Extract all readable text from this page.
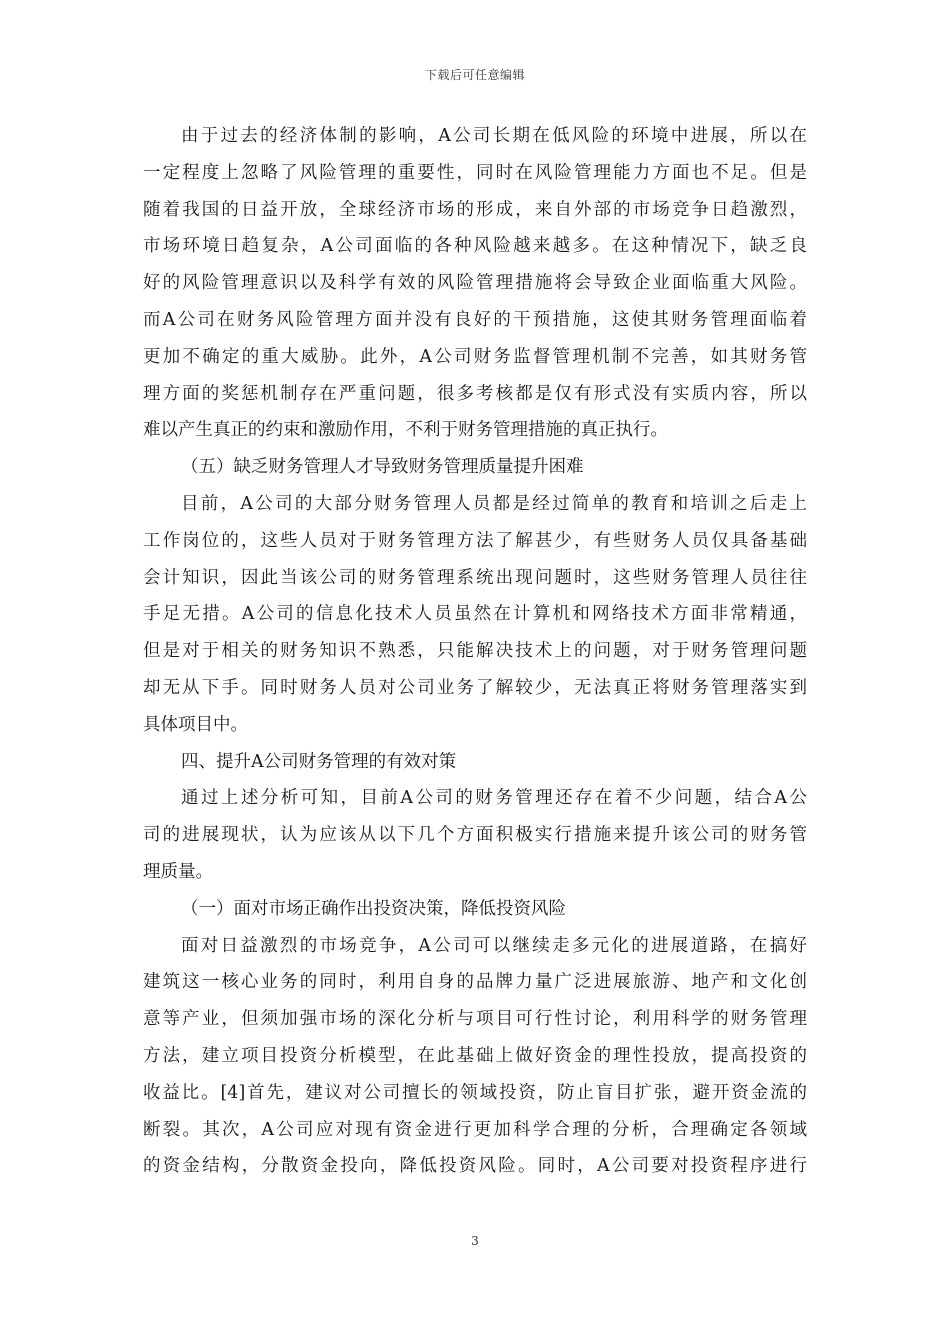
下载后可任意编辑
由于过去的经济体制的影响，A公司长期在低风险的环境中进展，所以在
一定程度上忽略了风险管理的重要性，同时在风险管理能力方面也不足。但是
随着我国的日益开放，全球经济市场的形成，来自外部的市场竞争日趋激烈，
市场环境日趋复杂，A公司面临的各种风险越来越多。在这种情况下，缺乏良
好的风险管理意识以及科学有效的风险管理措施将会导致企业面临重大风险。
而A公司在财务风险管理方面并没有良好的干预措施，这使其财务管理面临着
更加不确定的重大威胁。此外，A公司财务监督管理机制不完善，如其财务管
理方面的奖惩机制存在严重问题，很多考核都是仅有形式没有实质内容，所以
难以产生真正的约束和激励作用，不利于财务管理措施的真正执行。
（五）缺乏财务管理人才导致财务管理质量提升困难
目前，A公司的大部分财务管理人员都是经过简单的教育和培训之后走上
工作岗位的，这些人员对于财务管理方法了解甚少，有些财务人员仅具备基础
会计知识，因此当该公司的财务管理系统出现问题时，这些财务管理人员往往
手足无措。A公司的信息化技术人员虽然在计算机和网络技术方面非常精通，
但是对于相关的财务知识不熟悉，只能解决技术上的问题，对于财务管理问题
却无从下手。同时财务人员对公司业务了解较少，无法真正将财务管理落实到
具体项目中。
四、提升A公司财务管理的有效对策
通过上述分析可知，目前A公司的财务管理还存在着不少问题，结合A公
司的进展现状，认为应该从以下几个方面积极实行措施来提升该公司的财务管
理质量。
（一）面对市场正确作出投资决策，降低投资风险
面对日益激烈的市场竞争，A公司可以继续走多元化的进展道路，在搞好
建筑这一核心业务的同时，利用自身的品牌力量广泛进展旅游、地产和文化创
意等产业，但须加强市场的深化分析与项目可行性讨论，利用科学的财务管理
方法，建立项目投资分析模型，在此基础上做好资金的理性投放，提高投资的
收益比。[4]首先，建议对公司擅长的领域投资，防止盲目扩张，避开资金流的
断裂。其次，A公司应对现有资金进行更加科学合理的分析，合理确定各领域
的资金结构，分散资金投向，降低投资风险。同时，A公司要对投资程序进行
3
